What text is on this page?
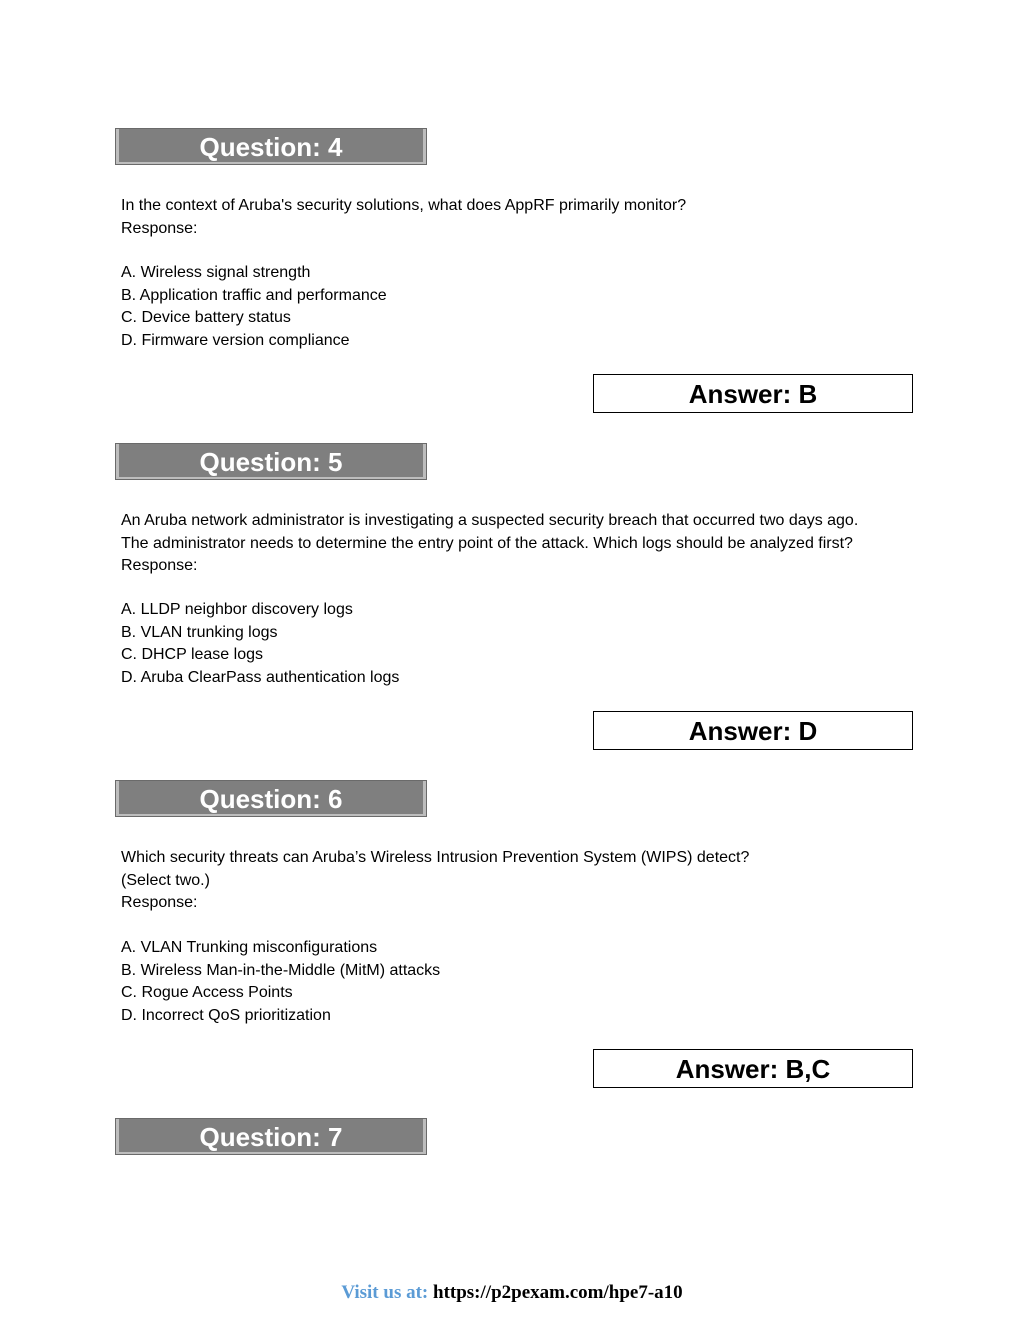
Question: 4
In the context of Aruba's security solutions, what does AppRF primarily monitor?
Response:
A. Wireless signal strength
B. Application traffic and performance
C. Device battery status
D. Firmware version compliance
Answer: B
Question: 5
An Aruba network administrator is investigating a suspected security breach that occurred two days ago.
The administrator needs to determine the entry point of the attack. Which logs should be analyzed first?
Response:
A. LLDP neighbor discovery logs
B. VLAN trunking logs
C. DHCP lease logs
D. Aruba ClearPass authentication logs
Answer: D
Question: 6
Which security threats can Aruba’s Wireless Intrusion Prevention System (WIPS) detect?
(Select two.)
Response:
A. VLAN Trunking misconfigurations
B. Wireless Man-in-the-Middle (MitM) attacks
C. Rogue Access Points
D. Incorrect QoS prioritization
Answer: B,C
Question: 7
Visit us at: https://p2pexam.com/hpe7-a10
